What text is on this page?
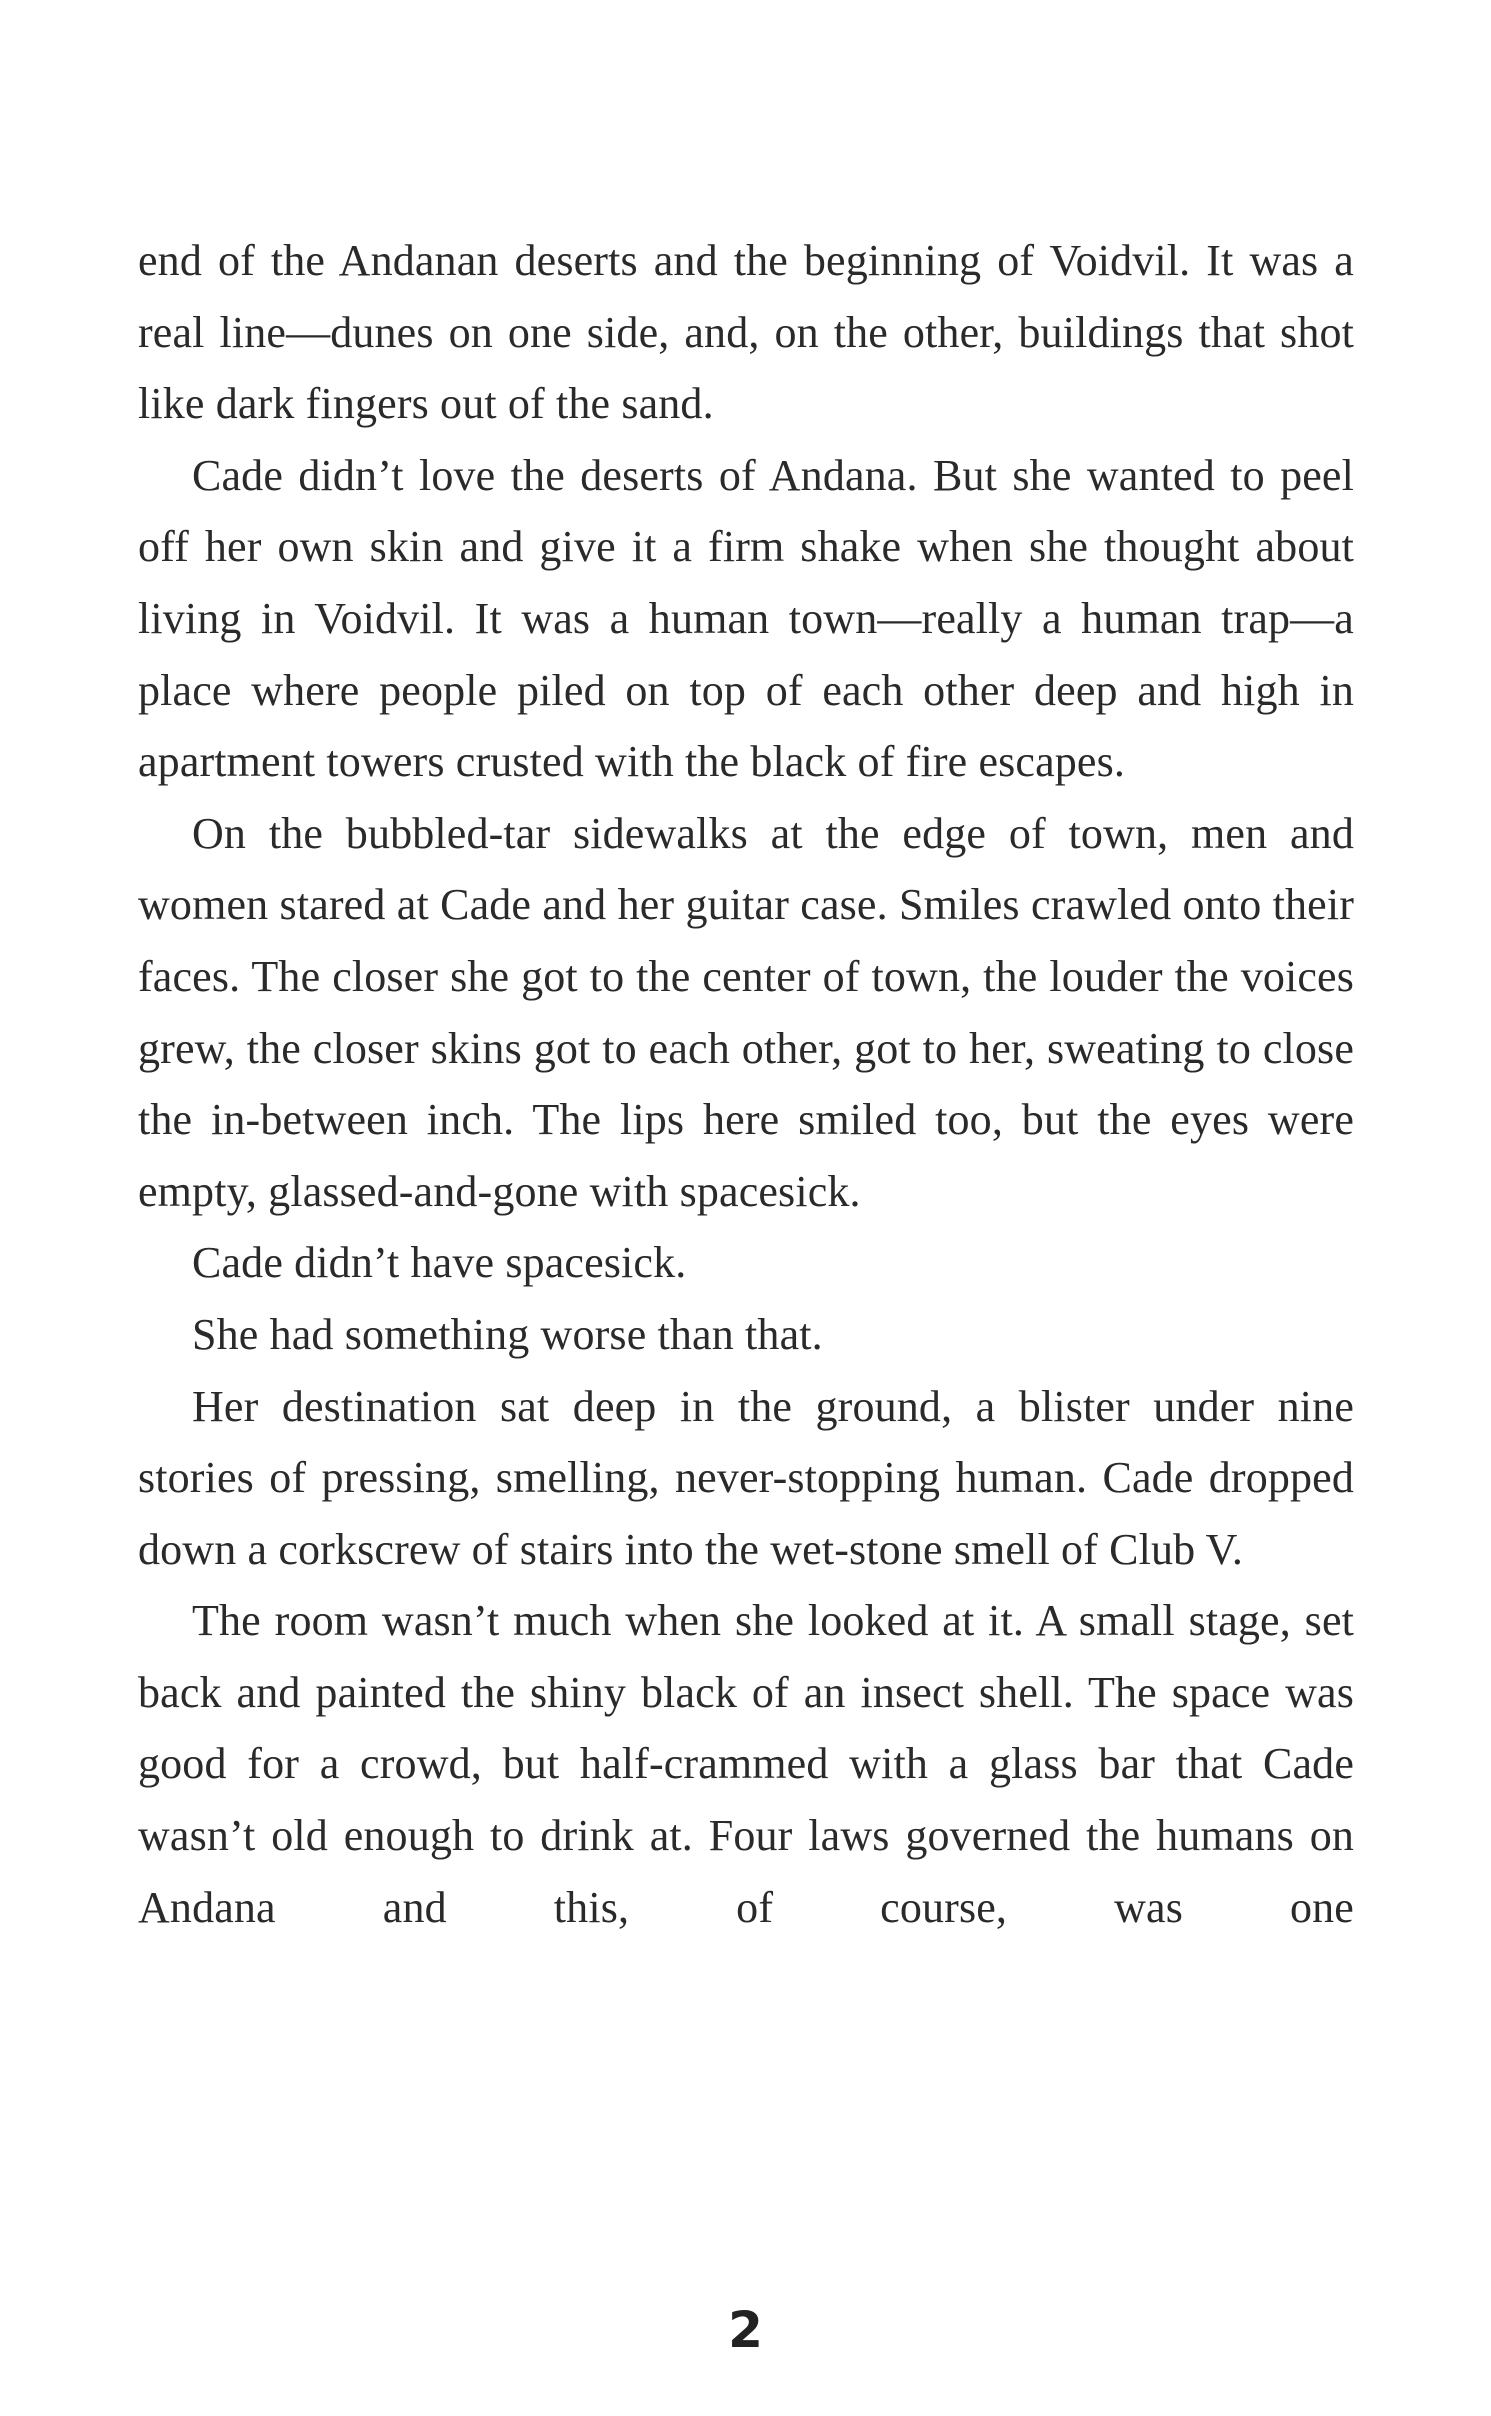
end of the Andanan deserts and the beginning of Voidvil. It was a real line—dunes on one side, and, on the other, buildings that shot like dark fingers out of the sand.

Cade didn’t love the deserts of Andana. But she wanted to peel off her own skin and give it a firm shake when she thought about living in Voidvil. It was a human town—really a human trap—a place where people piled on top of each other deep and high in apartment towers crusted with the black of fire escapes.

On the bubbled-tar sidewalks at the edge of town, men and women stared at Cade and her guitar case. Smiles crawled onto their faces. The closer she got to the center of town, the louder the voices grew, the closer skins got to each other, got to her, sweating to close the in-between inch. The lips here smiled too, but the eyes were empty, glassed-and-gone with spacesick.

Cade didn’t have spacesick.

She had something worse than that.

Her destination sat deep in the ground, a blister under nine stories of pressing, smelling, never-stopping human. Cade dropped down a corkscrew of stairs into the wet-stone smell of Club V.

The room wasn’t much when she looked at it. A small stage, set back and painted the shiny black of an insect shell. The space was good for a crowd, but half-crammed with a glass bar that Cade wasn’t old enough to drink at. Four laws governed the humans on Andana and this, of course, was one

2
